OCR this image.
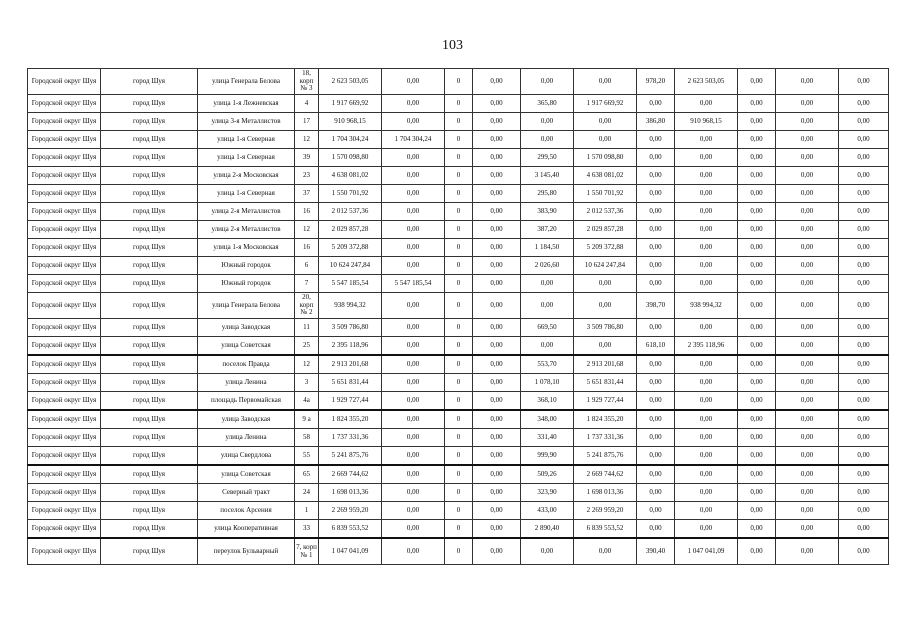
103
Городской округ Шуя	город Шуя	улица Генерала Белова	18, корп № 3	2 623 503,05	0,00	0	0,00	0,00	0,00	978,20	2 623 503,05	0,00	0,00	0,00
Городской округ Шуя	город Шуя	улица 1-я Лежневская	4	1 917 669,92	0,00	0	0,00	365,80	1 917 669,92	0,00	0,00	0,00	0,00	0,00
Городской округ Шуя	город Шуя	улица 3-я Металлистов	17	910 968,15	0,00	0	0,00	0,00	0,00	386,80	910 968,15	0,00	0,00	0,00
Городской округ Шуя	город Шуя	улица 1-я Северная	12	1 704 304,24	1 704 304,24	0	0,00	0,00	0,00	0,00	0,00	0,00	0,00	0,00
Городской округ Шуя	город Шуя	улица 1-я Северная	39	1 570 098,80	0,00	0	0,00	299,50	1 570 098,80	0,00	0,00	0,00	0,00	0,00
Городской округ Шуя	город Шуя	улица 2-я Московская	23	4 638 081,02	0,00	0	0,00	3 145,40	4 638 081,02	0,00	0,00	0,00	0,00	0,00
Городской округ Шуя	город Шуя	улица 1-я Северная	37	1 550 701,92	0,00	0	0,00	295,80	1 550 701,92	0,00	0,00	0,00	0,00	0,00
Городской округ Шуя	город Шуя	улица 2-я Металлистов	16	2 012 537,36	0,00	0	0,00	383,90	2 012 537,36	0,00	0,00	0,00	0,00	0,00
Городской округ Шуя	город Шуя	улица 2-я Металлистов	12	2 029 857,28	0,00	0	0,00	387,20	2 029 857,28	0,00	0,00	0,00	0,00	0,00
Городской округ Шуя	город Шуя	улица 1-я Московская	16	5 209 372,88	0,00	0	0,00	1 184,50	5 209 372,88	0,00	0,00	0,00	0,00	0,00
Городской округ Шуя	город Шуя	Южный городок	6	10 624 247,84	0,00	0	0,00	2 026,60	10 624 247,84	0,00	0,00	0,00	0,00	0,00
Городской округ Шуя	город Шуя	Южный городок	7	5 547 185,54	5 547 185,54	0	0,00	0,00	0,00	0,00	0,00	0,00	0,00	0,00
Городской округ Шуя	город Шуя	улица Генерала Белова	20, корп № 2	938 994,32	0,00	0	0,00	0,00	0,00	398,70	938 994,32	0,00	0,00	0,00
Городской округ Шуя	город Шуя	улица Заводская	11	3 509 786,80	0,00	0	0,00	669,50	3 509 786,80	0,00	0,00	0,00	0,00	0,00
Городской округ Шуя	город Шуя	улица Советская	25	2 395 118,96	0,00	0	0,00	0,00	0,00	618,10	2 395 118,96	0,00	0,00	0,00
Городской округ Шуя	город Шуя	поселок Правда	12	2 913 201,68	0,00	0	0,00	553,70	2 913 201,68	0,00	0,00	0,00	0,00	0,00
Городской округ Шуя	город Шуя	улица Ленина	3	5 651 831,44	0,00	0	0,00	1 078,10	5 651 831,44	0,00	0,00	0,00	0,00	0,00
Городской округ Шуя	город Шуя	площадь Первомайская	4а	1 929 727,44	0,00	0	0,00	368,10	1 929 727,44	0,00	0,00	0,00	0,00	0,00
Городской округ Шуя	город Шуя	улица Заводская	9 а	1 824 355,20	0,00	0	0,00	348,00	1 824 355,20	0,00	0,00	0,00	0,00	0,00
Городской округ Шуя	город Шуя	улица Ленина	58	1 737 331,36	0,00	0	0,00	331,40	1 737 331,36	0,00	0,00	0,00	0,00	0,00
Городской округ Шуя	город Шуя	улица Свердлова	55	5 241 875,76	0,00	0	0,00	999,90	5 241 875,76	0,00	0,00	0,00	0,00	0,00
Городской округ Шуя	город Шуя	улица Советская	65	2 669 744,62	0,00	0	0,00	509,26	2 669 744,62	0,00	0,00	0,00	0,00	0,00
Городской округ Шуя	город Шуя	Северный тракт	24	1 698 013,36	0,00	0	0,00	323,90	1 698 013,36	0,00	0,00	0,00	0,00	0,00
Городской округ Шуя	город Шуя	поселок Арсения	1	2 269 959,20	0,00	0	0,00	433,00	2 269 959,20	0,00	0,00	0,00	0,00	0,00
Городской округ Шуя	город Шуя	улица Кооперативная	33	6 839 553,52	0,00	0	0,00	2 890,40	6 839 553,52	0,00	0,00	0,00	0,00	0,00
Городской округ Шуя	город Шуя	переулок Бульварный	7, корп № 1	1 047 041,09	0,00	0	0,00	0,00	0,00	390,40	1 047 041,09	0,00	0,00	0,00
